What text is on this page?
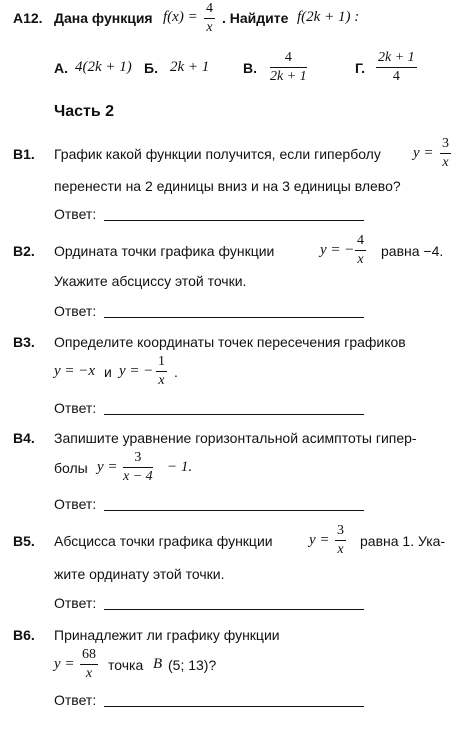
A12. Дана функция $f(x) = \frac{4}{x}$ . Найдите f(2k + 1) :
А. 4(2k + 1) Б. 2k + 1 В. $\frac{4}{2k + 1}$	Г. $\frac{2k + 1}{4}$
Часть 2
B1. График какой функции получится, если гиперболу $y = \frac{3}{x}$
перенести на 2 единицы вниз и на 3 единицы влево?
Ответ:
B2. Ордината точки графика функции	y = − $\frac{4}{x}$ равна −4.
Укажите абсциссу этой точки.
Ответ:
B3. Определите координаты точек пересечения графиков
y = −x и y = − $\frac{1}{x}$ .
Ответ:
B4. Запишите уравнение горизонтальной асимптоты гипер-
болы $y = \frac{3}{x - 4} - 1$.
Ответ:
B5. Абсцисса точки графика функции $y = \frac{3}{x}$ равна 1. Ука-
жите ординату этой точки.
Ответ:
B6. Принадлежит ли графику функции
$y = \frac{68}{x}$ точка B (5; 13)?
Ответ:
